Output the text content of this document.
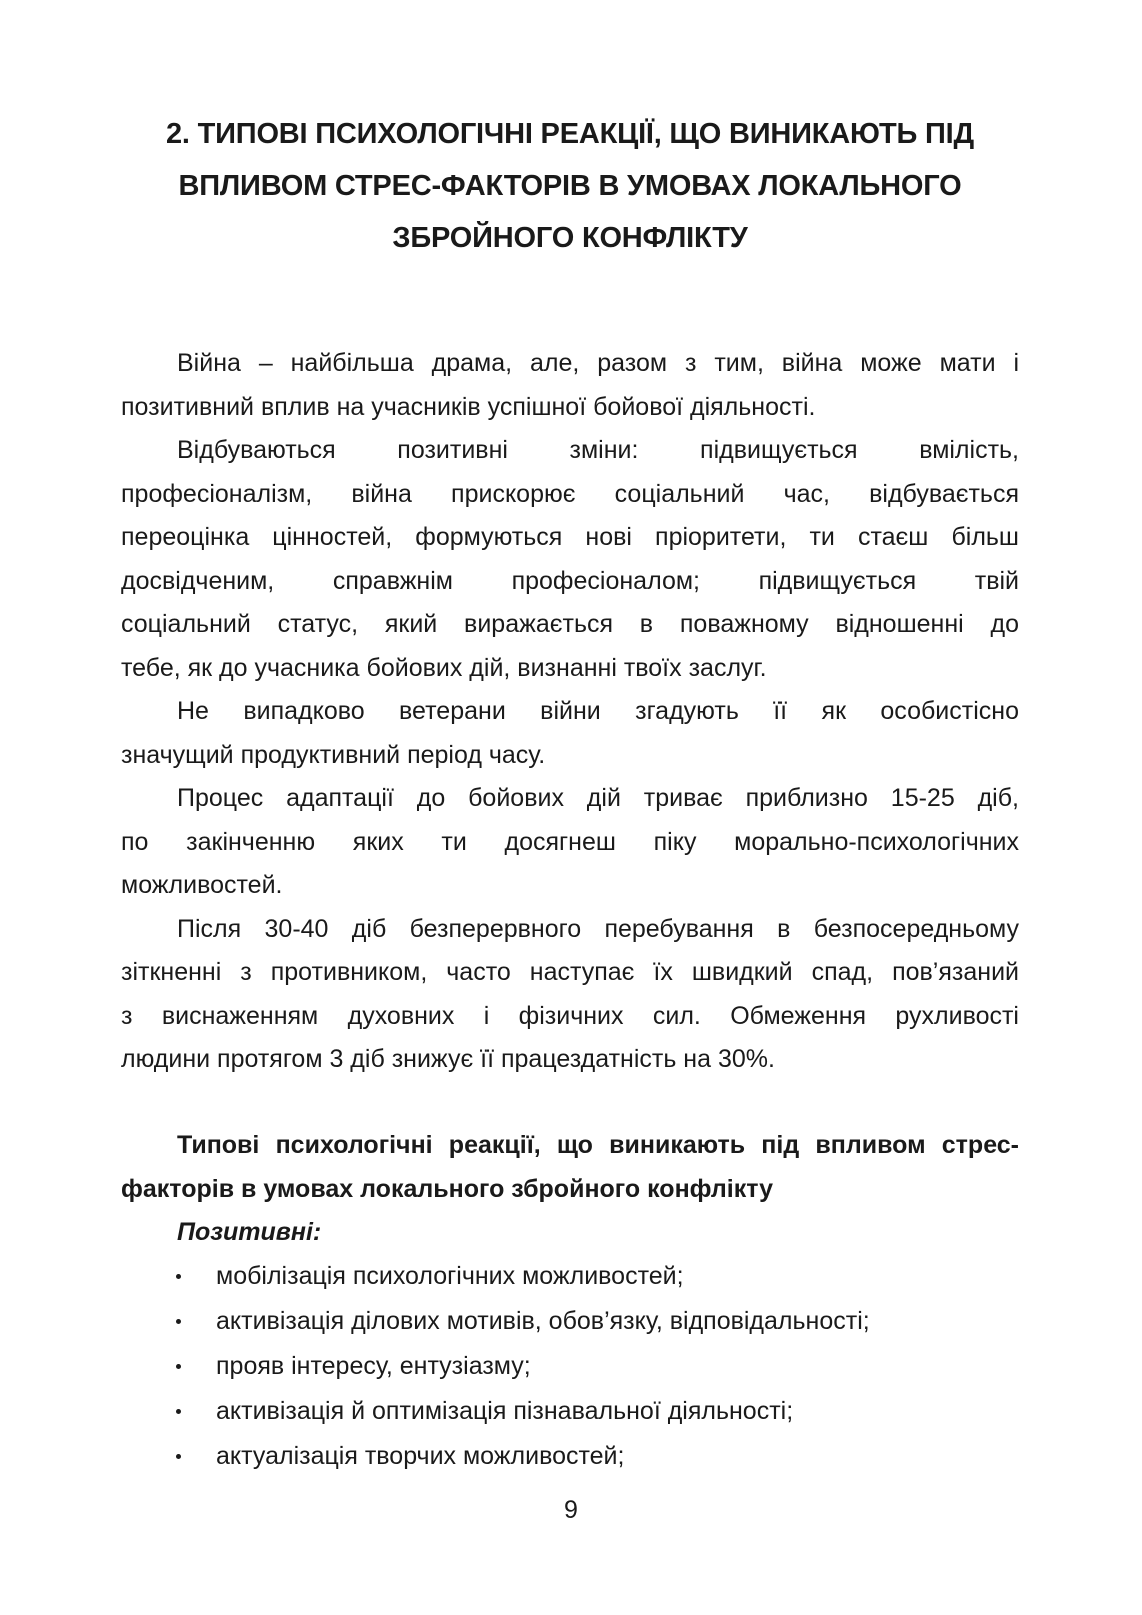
2. ТИПОВІ ПСИХОЛОГІЧНІ РЕАКЦІЇ, ЩО ВИНИКАЮТЬ ПІД
ВПЛИВОМ СТРЕС-ФАКТОРІВ В УМОВАХ ЛОКАЛЬНОГО
ЗБРОЙНОГО КОНФЛІКТУ

Війна – найбільша драма, але, разом з тим, війна може мати і
позитивний вплив на учасників успішної бойової діяльності.

Відбуваються позитивні зміни: підвищується вміліcть,
професіоналізм, війна прискорює соціальний час, відбувається
переоцінка цінностей, формуються нові пріоритети, ти стаєш більш
досвідченим, справжнім професіоналом; підвищується твій
соціальний статус, який виражається в поважному відношенні до
тебе, як до учасника бойових дій, визнанні твоїх заслуг.

Не випадково ветерани війни згадують її як особистісно
значущий продуктивний період часу.

Процес адаптації до бойових дій триває приблизно 15-25 діб,
по закінченню яких ти досягнеш піку морально-психологічних
можливостей.

Після 30-40 діб безперервного перебування в безпосередньому
зіткненні з противником, часто наступає їх швидкий спад, пов’язаний
з виснаженням духовних і фізичних сил. Обмеження рухливості
людини протягом 3 діб знижує її працездатність на 30%.

Типові психологічні реакції, що виникають під впливом стрес-
факторів в умовах локального збройного конфлікту
Позитивні:
мобілізація психологічних можливостей;
активізація ділових мотивів, обов’язку, відповідальності;
прояв інтересу, ентузіазму;
активізація й оптимізація пізнавальної діяльності;
актуалізація творчих можливостей;
9
